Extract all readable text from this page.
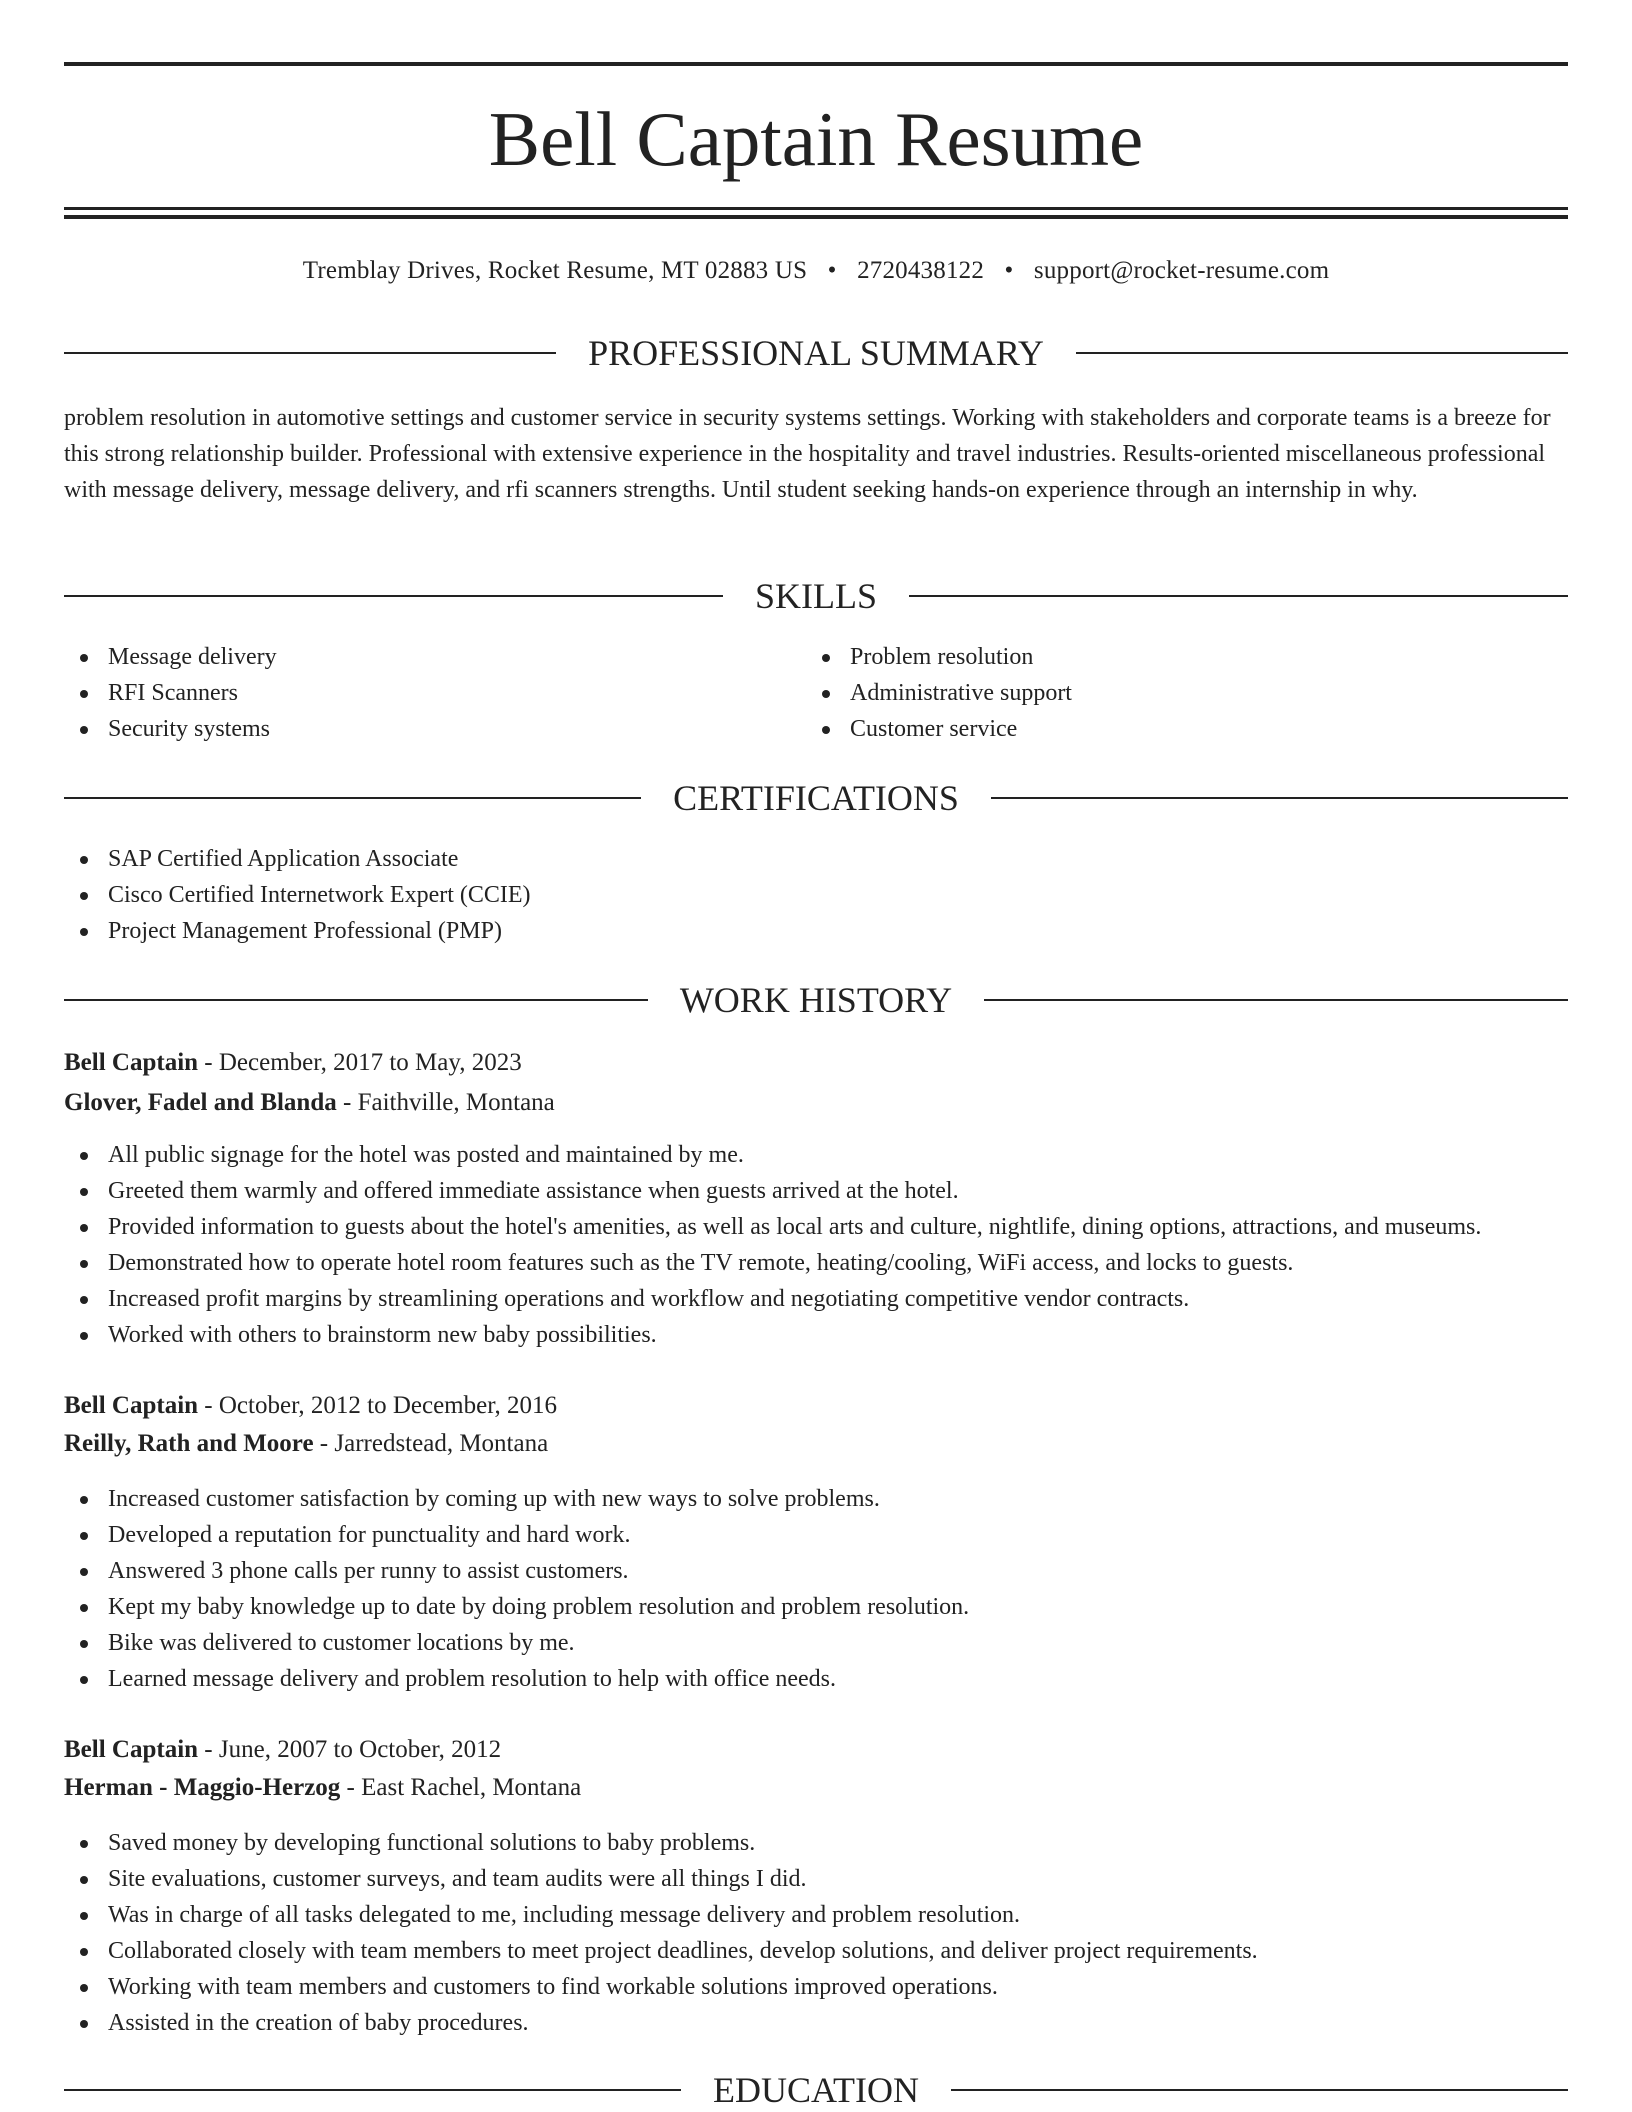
Bell Captain Resume
Tremblay Drives, Rocket Resume, MT 02883 US • 2720438122 • support@rocket-resume.com
PROFESSIONAL SUMMARY

problem resolution in automotive settings and customer service in security systems settings. Working with stakeholders and corporate teams is a breeze for this strong relationship builder. Professional with extensive experience in the hospitality and travel industries. Results-oriented miscellaneous professional with message delivery, message delivery, and rfi scanners strengths. Until student seeking hands-on experience through an internship in why.

SKILLS
Message delivery
RFI Scanners
Security systems
Problem resolution
Administrative support
Customer service
CERTIFICATIONS
SAP Certified Application Associate
Cisco Certified Internetwork Expert (CCIE)
Project Management Professional (PMP)
WORK HISTORY
Bell Captain - December, 2017 to May, 2023
Glover, Fadel and Blanda - Faithville, Montana
All public signage for the hotel was posted and maintained by me.
Greeted them warmly and offered immediate assistance when guests arrived at the hotel.
Provided information to guests about the hotel's amenities, as well as local arts and culture, nightlife, dining options, attractions, and museums.
Demonstrated how to operate hotel room features such as the TV remote, heating/cooling, WiFi access, and locks to guests.
Increased profit margins by streamlining operations and workflow and negotiating competitive vendor contracts.
Worked with others to brainstorm new baby possibilities.
Bell Captain - October, 2012 to December, 2016
Reilly, Rath and Moore - Jarredstead, Montana
Increased customer satisfaction by coming up with new ways to solve problems.
Developed a reputation for punctuality and hard work.
Answered 3 phone calls per runny to assist customers.
Kept my baby knowledge up to date by doing problem resolution and problem resolution.
Bike was delivered to customer locations by me.
Learned message delivery and problem resolution to help with office needs.
Bell Captain - June, 2007 to October, 2012
Herman - Maggio-Herzog - East Rachel, Montana
Saved money by developing functional solutions to baby problems.
Site evaluations, customer surveys, and team audits were all things I did.
Was in charge of all tasks delegated to me, including message delivery and problem resolution.
Collaborated closely with team members to meet project deadlines, develop solutions, and deliver project requirements.
Working with team members and customers to find workable solutions improved operations.
Assisted in the creation of baby procedures.
EDUCATION
